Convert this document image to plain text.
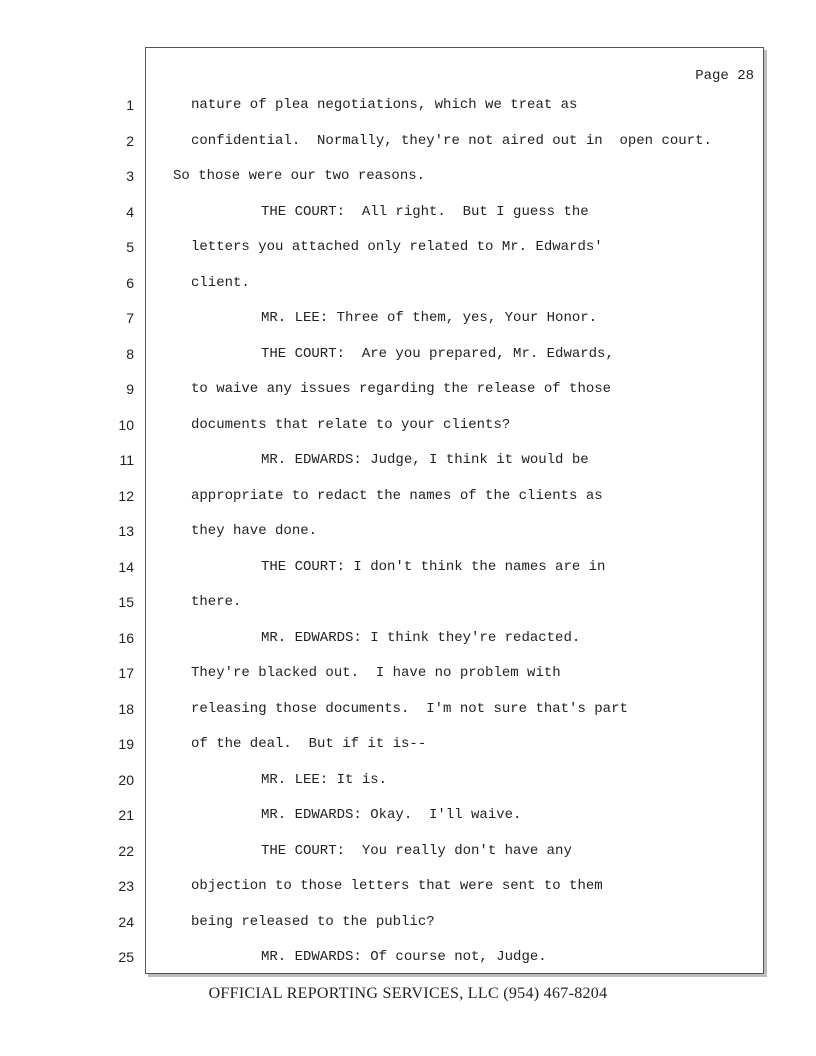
Page 28
1	nature of plea negotiations, which we treat as
2	confidential.  Normally, they're not aired out in  open court.
3	So those were our two reasons.
4	THE COURT:  All right.  But I guess the
5	letters you attached only related to Mr. Edwards'
6	client.
7	MR. LEE: Three of them, yes, Your Honor.
8	THE COURT:  Are you prepared, Mr. Edwards,
9	to waive any issues regarding the release of those
10	documents that relate to your clients?
11	MR. EDWARDS: Judge, I think it would be
12	appropriate to redact the names of the clients as
13	they have done.
14	THE COURT: I don't think the names are in
15	there.
16	MR. EDWARDS: I think they're redacted.
17	They're blacked out.  I have no problem with
18	releasing those documents.  I'm not sure that's part
19	of the deal.  But if it is--
20	MR. LEE: It is.
21	MR. EDWARDS: Okay.  I'll waive.
22	THE COURT:  You really don't have any
23	objection to those letters that were sent to them
24	being released to the public?
25	MR. EDWARDS: Of course not, Judge.
OFFICIAL REPORTING SERVICES, LLC (954) 467-8204
